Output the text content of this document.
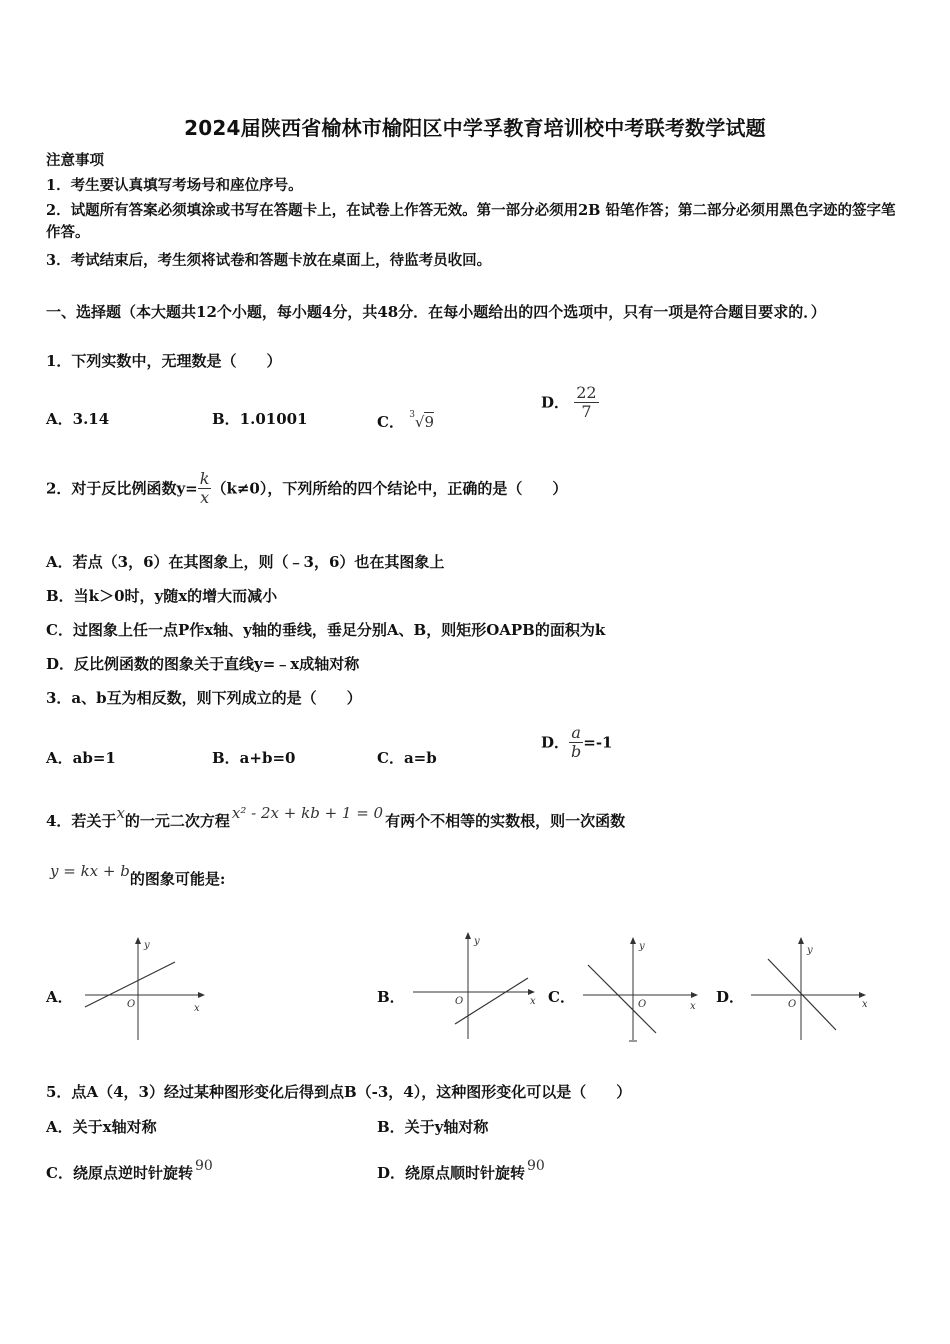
2024届陕西省榆林市榆阳区中学孚教育培训校中考联考数学试题
注意事项
1．考生要认真填写考场号和座位序号。
2．试题所有答案必须填涂或书写在答题卡上，在试卷上作答无效。第一部分必须用2B 铅笔作答；第二部分必须用黑色字迹的签字笔作答。
3．考试结束后，考生须将试卷和答题卡放在桌面上，待监考员收回。
一、选择题（本大题共12个小题，每小题4分，共48分．在每小题给出的四个选项中，只有一项是符合题目要求的．）
1．下列实数中，无理数是（　　）
A．3.14	B．1.01001	C． $^3$√9
D． $\frac{22}{7}$
2．对于反比例函数$y= \frac{k}{x} (k\ne 0)$，下列所给的四个结论中，正确的是（　　）
A．若点（3，6）在其图象上，则（﹣3，6）也在其图象上
B．当k＞0时，y随x的增大而减小
C．过图象上任一点P作x轴、y轴的垂线，垂足分别A、B，则矩形OAPB的面积为k
D．反比例函数的图象关于直线y=﹣x成轴对称
3．a、b互为相反数，则下列成立的是（　　）
A．ab=1	B．a+b=0	C．a=b
D． $\frac{a}{b} =-1$
4．若关于x的一元二次方程 x² - 2x + kb + 1 = 0 有两个不相等的实数根，则一次函数
y = kx + b的图象可能是:
A．	B．	C．	D．
y
x
O
y
x
O
y
x
O
y
x
O
5．点A（4，3）经过某种图形变化后得到点B（-3，4），这种图形变化可以是（　　）
A．关于x轴对称	B．关于y轴对称
C．绕原点逆时针旋转 90	D．绕原点顺时针旋转 90
